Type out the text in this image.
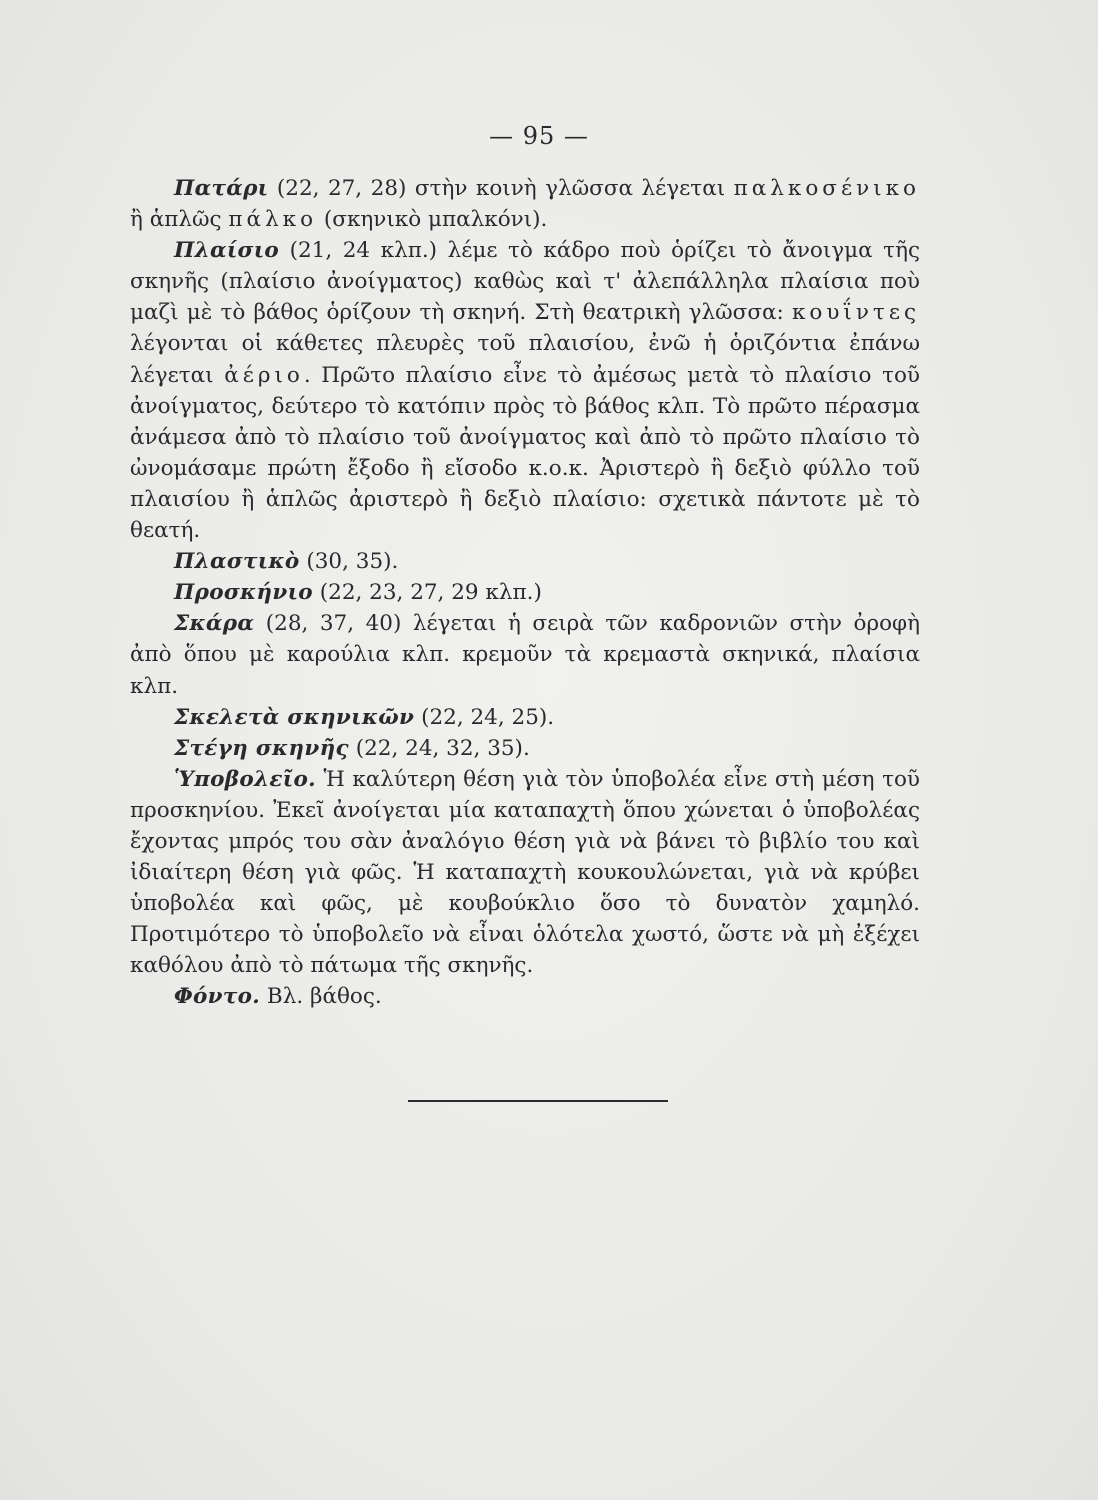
— 95 —

Πατάρι (22, 27, 28) στὴν κοινὴ γλῶσσα λέγεται παλκοσένικο ἢ ἁπλῶς πάλκο (σκηνικὸ μπαλκόνι).

Πλαίσιο (21, 24 κλπ.) λέμε τὸ κάδρο ποὺ ὁρίζει τὸ ἄνοιγμα τῆς σκηνῆς (πλαίσιο ἀνοίγματος) καθὼς καὶ τ' ἀλεπάλληλα πλαίσια ποὺ μαζὶ μὲ τὸ βάθος ὁρίζουν τὴ σκηνή. Στὴ θεατρικὴ γλῶσσα: κουΐντες λέγονται οἱ κάθετες πλευρὲς τοῦ πλαισίου, ἐνῶ ἡ ὁριζόντια ἐπάνω λέγεται ἀέριο. Πρῶτο πλαίσιο εἶνε τὸ ἀμέσως μετὰ τὸ πλαίσιο τοῦ ἀνοίγματος, δεύτερο τὸ κατόπιν πρὸς τὸ βάθος κλπ. Τὸ πρῶτο πέρασμα ἀνάμεσα ἀπὸ τὸ πλαίσιο τοῦ ἀνοίγματος καὶ ἀπὸ τὸ πρῶτο πλαίσιο τὸ ὠνομάσαμε πρώτη ἔξοδο ἢ εἴσοδο κ.ο.κ. Ἀριστερὸ ἢ δεξιὸ φύλλο τοῦ πλαισίου ἢ ἁπλῶς ἀριστερὸ ἢ δεξιὸ πλαίσιο: σχετικὰ πάντοτε μὲ τὸ θεατή.

Πλαστικὸ (30, 35).

Προσκήνιο (22, 23, 27, 29 κλπ.)

Σκάρα (28, 37, 40) λέγεται ἡ σειρὰ τῶν καδρονιῶν στὴν ὀροφὴ ἀπὸ ὅπου μὲ καρούλια κλπ. κρεμοῦν τὰ κρεμαστὰ σκηνικά, πλαίσια κλπ.

Σκελετὰ σκηνικῶν (22, 24, 25).

Στέγη σκηνῆς (22, 24, 32, 35).

Ὑποβολεῖο. Ἡ καλύτερη θέση γιὰ τὸν ὑποβολέα εἶνε στὴ μέση τοῦ προσκηνίου. Ἐκεῖ ἀνοίγεται μία καταπαχτὴ ὅπου χώνεται ὁ ὑποβολέας ἔχοντας μπρός του σὰν ἀναλόγιο θέση γιὰ νὰ βάνει τὸ βιβλίο του καὶ ἰδιαίτερη θέση γιὰ φῶς. Ἡ καταπαχτὴ κουκουλώνεται, γιὰ νὰ κρύβει ὑποβολέα καὶ φῶς, μὲ κουβούκλιο ὅσο τὸ δυνατὸν χαμηλό. Προτιμότερο τὸ ὑποβολεῖο νὰ εἶναι ὁλότελα χωστό, ὥστε νὰ μὴ ἐξέχει καθόλου ἀπὸ τὸ πάτωμα τῆς σκηνῆς.

Φόντο. Βλ. βάθος.
